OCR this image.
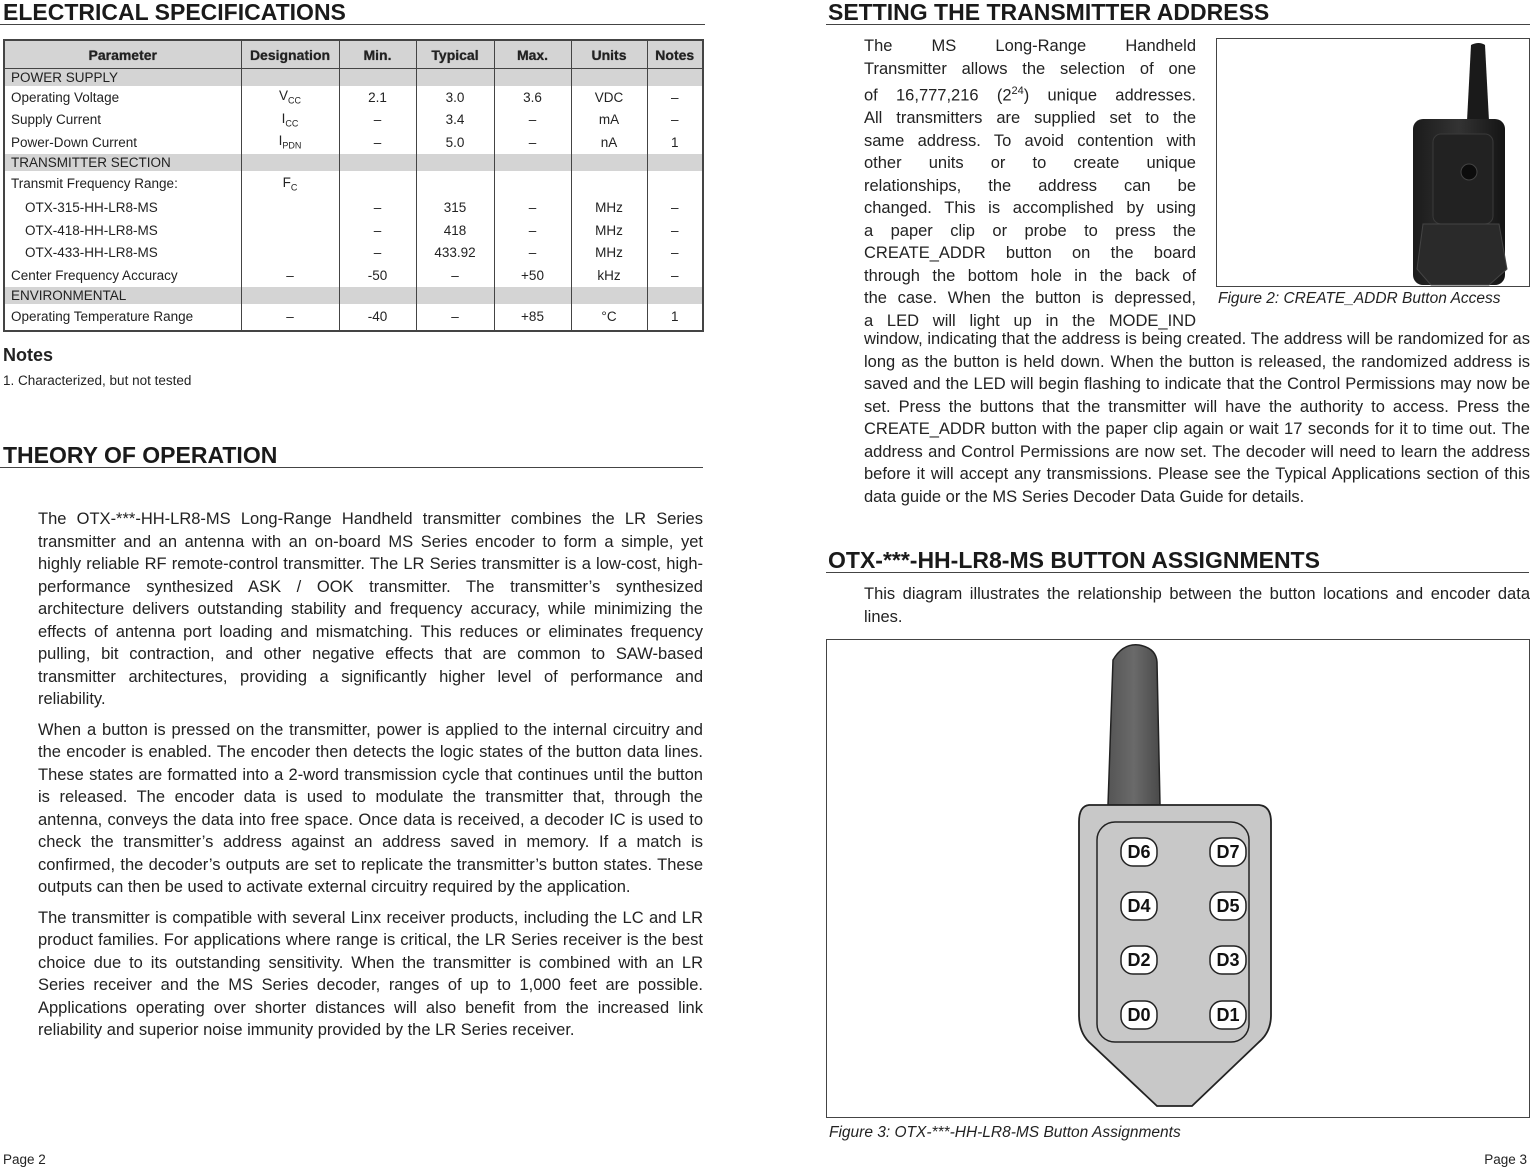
ELECTRICAL SPECIFICATIONS
Parameter	Designation	Min.	Typical	Max.	Units	Notes
POWER SUPPLY						
Operating Voltage	$V_{CC}$	2.1	3.0	3.6	VDC	–
Supply Current	$I_{CC}$	–	3.4	–	mA	–
Power-Down Current	$I_{PDN}$	–	5.0	–	nA	1
TRANSMITTER SECTION						
Transmit Frequency Range:	$F_C$					
OTX-315-HH-LR8-MS		–	315	–	MHz	–
OTX-418-HH-LR8-MS		–	418	–	MHz	–
OTX-433-HH-LR8-MS		–	433.92	–	MHz	–
Center Frequency Accuracy	–	-50	–	+50	kHz	–
ENVIRONMENTAL						
Operating Temperature Range	–	-40	–	+85	°C	1
Notes
1. Characterized, but not tested
THEORY OF OPERATION

The OTX-***-HH-LR8-MS Long-Range Handheld transmitter combines the LR Series transmitter and an antenna with an on-board MS Series encoder to form a simple, yet highly reliable RF remote-control transmitter. The LR Series transmitter is a low-cost, high-performance synthesized ASK / OOK transmitter. The transmitter’s synthesized architecture delivers outstanding stability and frequency accuracy, while minimizing the effects of antenna port loading and mismatching. This reduces or eliminates frequency pulling, bit contraction, and other negative effects that are common to SAW-based transmitter architectures, providing a significantly higher level of performance and reliability.

When a button is pressed on the transmitter, power is applied to the internal circuitry and the encoder is enabled. The encoder then detects the logic states of the button data lines. These states are formatted into a 2-word transmission cycle that continues until the button is released. The encoder data is used to modulate the transmitter that, through the antenna, conveys the data into free space. Once data is received, a decoder IC is used to check the transmitter’s address against an address saved in memory. If a match is confirmed, the decoder’s outputs are set to replicate the transmitter’s button states. These outputs can then be used to activate external circuitry required by the application.

The transmitter is compatible with several Linx receiver products, including the LC and LR product families. For applications where range is critical, the LR Series receiver is the best choice due to its outstanding sensitivity. When the transmitter is combined with an LR Series receiver and the MS Series decoder, ranges of up to 1,000 feet are possible. Applications operating over shorter distances will also benefit from the increased link reliability and superior noise immunity provided by the LR Series receiver.

Page 2
SETTING THE TRANSMITTER ADDRESS

The MS Long-Range Handheld

Transmitter allows the selection of one

of 16,777,216 $(2^{24})$ unique addresses.

All transmitters are supplied set to the

same address. To avoid contention with

other units or to create unique

relationships, the address can be

changed. This is accomplished by using

a paper clip or probe to press the

CREATE_ADDR button on the board

through the bottom hole in the back of

the case. When the button is depressed,

a LED will light up in the MODE_IND

Figure 2: CREATE_ADDR Button Access

window, indicating that the address is being created. The address will be randomized for as long as the button is held down. When the button is released, the randomized address is saved and the LED will begin flashing to indicate that the Control Permissions may now be set. Press the buttons that the transmitter will have the authority to access. Press the CREATE_ADDR button with the paper clip again or wait 17 seconds for it to time out. The address and Control Permissions are now set. The decoder will need to learn the address before it will accept any transmissions. Please see the Typical Applications section of this data guide or the MS Series Decoder Data Guide for details.

OTX-***-HH-LR8-MS BUTTON ASSIGNMENTS

This diagram illustrates the relationship between the button locations and encoder data lines.

D6	D7
D4	D5
D2	D3
D0	D1
Figure 3: OTX-***-HH-LR8-MS Button Assignments
Page 3
